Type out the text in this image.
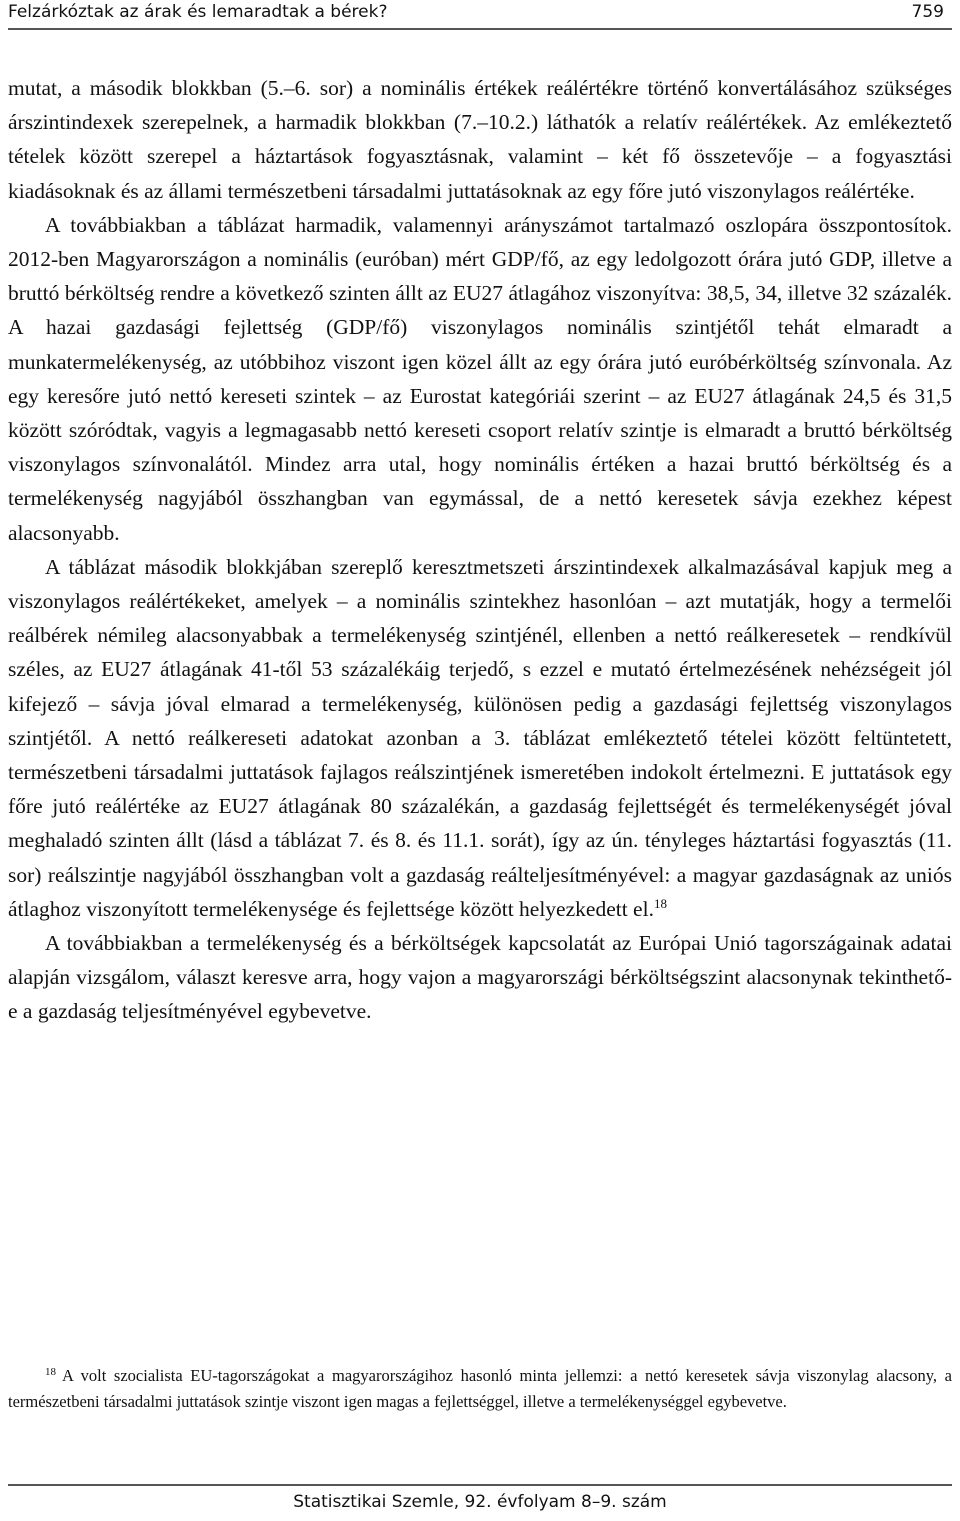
Felzárkóztak az árak és lemaradtak a bérek?	759

mutat, a második blokkban (5.–6. sor) a nominális értékek reálértékre történő konvertálásához szükséges árszintindexek szerepelnek, a harmadik blokkban (7.–10.2.) láthatók a relatív reálértékek. Az emlékeztető tételek között szerepel a háztartások fogyasztásnak, valamint – két fő összetevője – a fogyasztási kiadásoknak és az állami természetbeni társadalmi juttatásoknak az egy főre jutó viszonylagos reálértéke.

A továbbiakban a táblázat harmadik, valamennyi arányszámot tartalmazó oszlopára összpontosítok. 2012-ben Magyarországon a nominális (euróban) mért GDP/fő, az egy ledolgozott órára jutó GDP, illetve a bruttó bérköltség rendre a következő szinten állt az EU27 átlagához viszonyítva: 38,5, 34, illetve 32 százalék. A hazai gazdasági fejlettség (GDP/fő) viszonylagos nominális szintjétől tehát elmaradt a munkatermelékenység, az utóbbihoz viszont igen közel állt az egy órára jutó euróbérköltség színvonala. Az egy keresőre jutó nettó kereseti szintek – az Eurostat kategóriái szerint – az EU27 átlagának 24,5 és 31,5 között szóródtak, vagyis a legmagasabb nettó kereseti csoport relatív szintje is elmaradt a bruttó bérköltség viszonylagos színvonalától. Mindez arra utal, hogy nominális értéken a hazai bruttó bérköltség és a termelékenység nagyjából összhangban van egymással, de a nettó keresetek sávja ezekhez képest alacsonyabb.

A táblázat második blokkjában szereplő keresztmetszeti árszintindexek alkalmazásával kapjuk meg a viszonylagos reálértékeket, amelyek – a nominális szintekhez hasonlóan – azt mutatják, hogy a termelői reálbérek némileg alacsonyabbak a termelékenység szintjénél, ellenben a nettó reálkeresetek – rendkívül széles, az EU27 átlagának 41-től 53 százalékáig terjedő, s ezzel e mutató értelmezésének nehézségeit jól kifejező – sávja jóval elmarad a termelékenység, különösen pedig a gazdasági fejlettség viszonylagos szintjétől. A nettó reálkereseti adatokat azonban a 3. táblázat emlékeztető tételei között feltüntetett, természetbeni társadalmi juttatások fajlagos reálszintjének ismeretében indokolt értelmezni. E juttatások egy főre jutó reálértéke az EU27 átlagának 80 százalékán, a gazdaság fejlettségét és termelékenységét jóval meghaladó szinten állt (lásd a táblázat 7. és 8. és 11.1. sorát), így az ún. tényleges háztartási fogyasztás (11. sor) reálszintje nagyjából összhangban volt a gazdaság reálteljesítményével: a magyar gazdaságnak az uniós átlaghoz viszonyított termelékenysége és fejlettsége között helyezkedett el.$^{18}$

A továbbiakban a termelékenység és a bérköltségek kapcsolatát az Európai Unió tagországainak adatai alapján vizsgálom, választ keresve arra, hogy vajon a magyarországi bérköltségszint alacsonynak tekinthető-e a gazdaság teljesítményével egybevetve.

$^{18}$ A volt szocialista EU-tagországokat a magyarországihoz hasonló minta jellemzi: a nettó keresetek sávja viszonylag alacsony, a természetbeni társadalmi juttatások szintje viszont igen magas a fejlettséggel, illetve a termelékenységgel egybevetve.

Statisztikai Szemle, 92. évfolyam 8–9. szám
